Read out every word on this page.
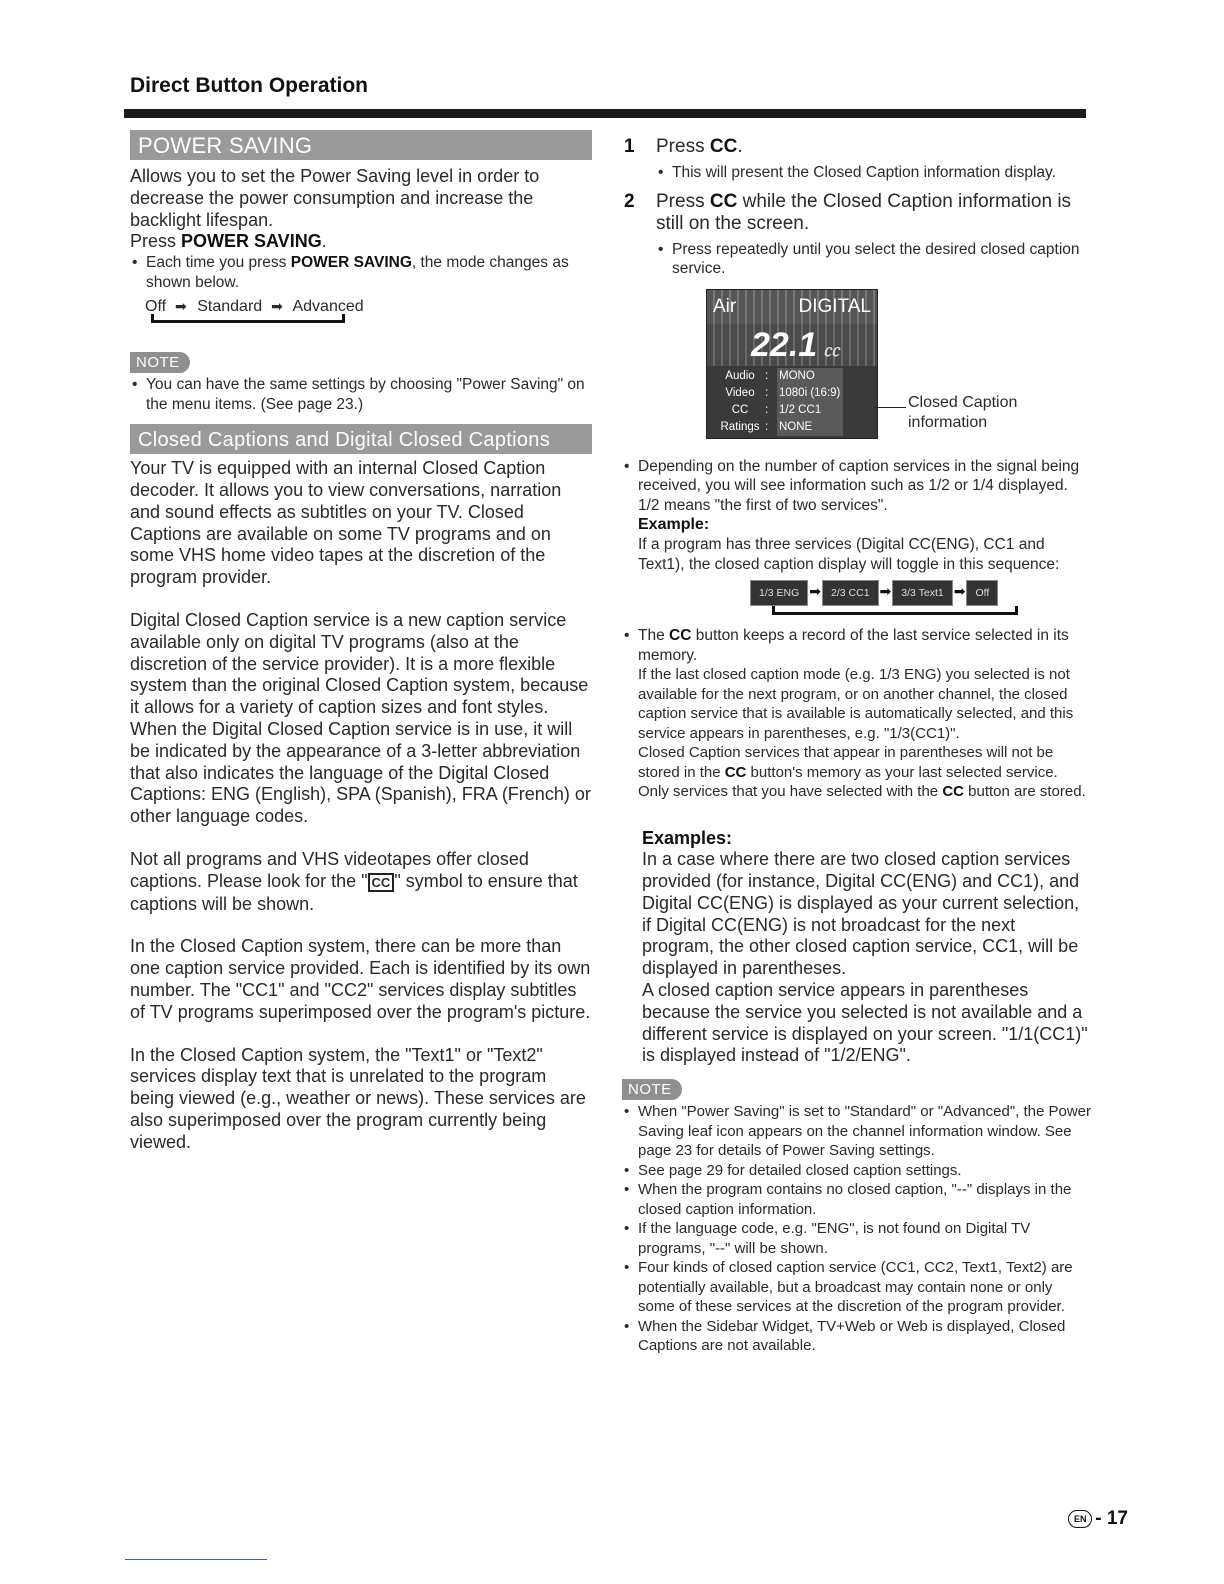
Direct Button Operation
POWER SAVING

Allows you to set the Power Saving level in order to decrease the power consumption and increase the backlight lifespan.

Press POWER SAVING.

• Each time you press POWER SAVING, the mode changes as shown below.

Off ➡ Standard ➡ Advanced
NOTE

• You can have the same settings by choosing "Power Saving" on the menu items. (See page 23.)

Closed Captions and Digital Closed Captions

Your TV is equipped with an internal Closed Caption decoder. It allows you to view conversations, narration and sound effects as subtitles on your TV. Closed Captions are available on some TV programs and on some VHS home video tapes at the discretion of the program provider.

Digital Closed Caption service is a new caption service available only on digital TV programs (also at the discretion of the service provider). It is a more flexible system than the original Closed Caption system, because it allows for a variety of caption sizes and font styles. When the Digital Closed Caption service is in use, it will be indicated by the appearance of a 3-letter abbreviation that also indicates the language of the Digital Closed Captions: ENG (English), SPA (Spanish), FRA (French) or other language codes.

Not all programs and VHS videotapes offer closed captions. Please look for the " CC " symbol to ensure that captions will be shown.

In the Closed Caption system, there can be more than one caption service provided. Each is identified by its own number. The "CC1" and "CC2" services display subtitles of TV programs superimposed over the program's picture.

In the Closed Caption system, the "Text1" or "Text2" services display text that is unrelated to the program being viewed (e.g., weather or news). These services are also superimposed over the program currently being viewed.

1 Press CC.

• This will present the Closed Caption information display.

2 Press CC while the Closed Caption information is still on the screen.

• Press repeatedly until you select the desired closed caption service.

Air	DIGITAL
22.1 ㏄
Audio : MONO
Video : 1080i (16:9)
CC	: 1/2 CC1
Ratings : NONE
Closed Caption information

• Depending on the number of caption services in the signal being received, you will see information such as 1/2 or 1/4 displayed.

1/2 means "the first of two services".

Example:

If a program has three services (Digital CC(ENG), CC1 and Text1), the closed caption display will toggle in this sequence:

1/3 ENG ➡ 2/3 CC1 ➡ 3/3 Text1 ➡ Off

• The CC button keeps a record of the last service selected in its memory.

If the last closed caption mode (e.g. 1/3 ENG) you selected is not available for the next program, or on another channel, the closed caption service that is available is automatically selected, and this service appears in parentheses, e.g. "1/3(CC1)".

Closed Caption services that appear in parentheses will not be stored in the CC button's memory as your last selected service. Only services that you have selected with the CC button are stored.

Examples:

In a case where there are two closed caption services provided (for instance, Digital CC(ENG) and CC1), and Digital CC(ENG) is displayed as your current selection, if Digital CC(ENG) is not broadcast for the next program, the other closed caption service, CC1, will be displayed in parentheses.

A closed caption service appears in parentheses because the service you selected is not available and a different service is displayed on your screen. "1/1(CC1)" is displayed instead of "1/2/ENG".

NOTE

• When "Power Saving" is set to "Standard" or "Advanced", the Power Saving leaf icon appears on the channel information window. See page 23 for details of Power Saving settings.

• See page 29 for detailed closed caption settings.

• When the program contains no closed caption, "--" displays in the closed caption information.

• If the language code, e.g. "ENG", is not found on Digital TV programs, "--" will be shown.

• Four kinds of closed caption service (CC1, CC2, Text1, Text2) are potentially available, but a broadcast may contain none or only some of these services at the discretion of the program provider.

• When the Sidebar Widget, TV+Web or Web is displayed, Closed Captions are not available.

EN - 17
